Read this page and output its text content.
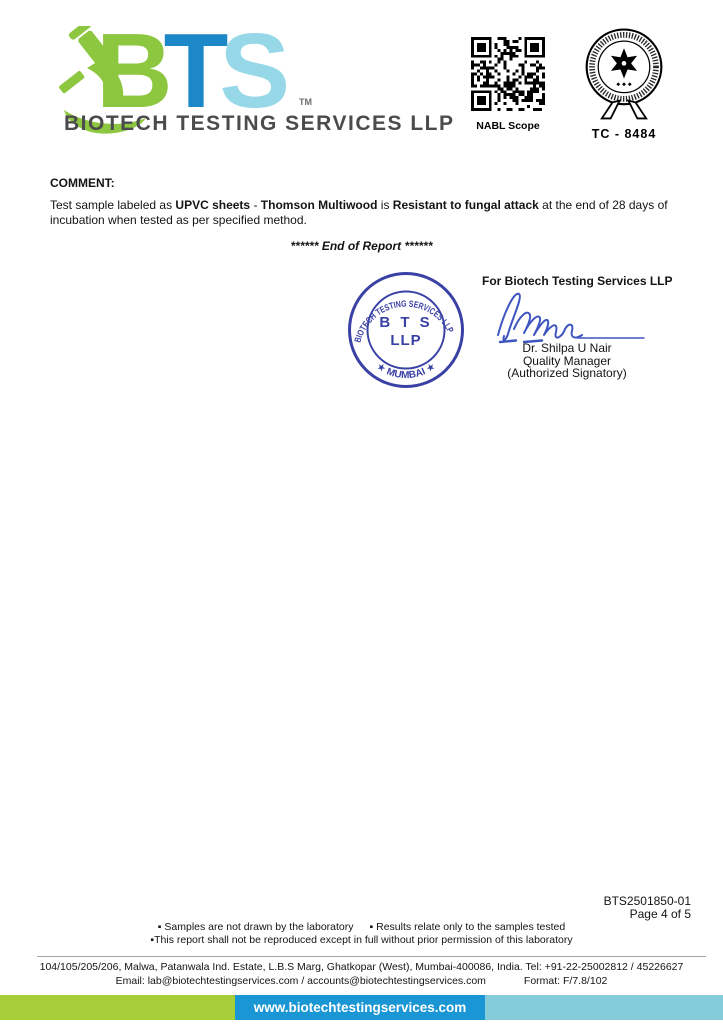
BTS TM
BIOTECH TESTING SERVICES LLP	NABL Scope
TC - 8484
COMMENT:
Test sample labeled as UPVC sheets - Thomson Multiwood is Resistant to fungal attack at the end of 28 days of incubation when tested as per specified method.
****** End of Report ******
BIOTECH TESTING SERVICES LLP
★ MUMBAI ★
B T S
LLP
For Biotech Testing Services LLP
Dr. Shilpa U Nair
Quality Manager
(Authorized Signatory)
BTS2501850-01
Page 4 of 5
▪ Samples are not drawn by the laboratory ▪ Results relate only to the samples tested
▪This report shall not be reproduced except in full without prior permission of this laboratory
104/105/205/206, Malwa, Patanwala Ind. Estate, L.B.S Marg, Ghatkopar (West), Mumbai-400086, India. Tel: +91-22-25002812 / 45226627
Email: lab@biotechtestingservices.com / accounts@biotechtestingservices.com	Format: F/7.8/102
www.biotechtestingservices.com
